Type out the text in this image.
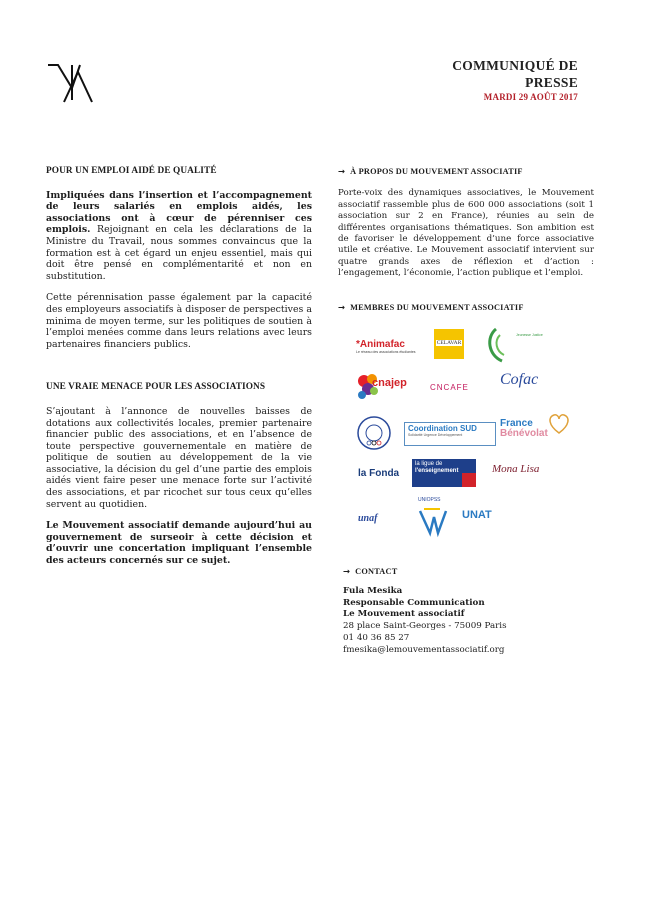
COMMUNIQUÉ DE
PRESSE
MARDI 29 AOÛT 2017
POUR UN EMPLOI AIDÉ DE QUALITÉ

Impliquées dans l’insertion et l’accompagnement de leurs salariés en emplois aidés, les associations ont à cœur de pérenniser ces emplois. Rejoignant en cela les déclarations de la Ministre du Travail, nous sommes convaincus que la formation est à cet égard un enjeu essentiel, mais qui doit être pensé en complémentarité et non en substitution.

Cette pérennisation passe également par la capacité des employeurs associatifs à disposer de perspectives a minima de moyen terme, sur les politiques de soutien à l’emploi menées comme dans leurs relations avec leurs partenaires financiers publics.

UNE VRAIE MENACE POUR LES ASSOCIATIONS

S’ajoutant à l’annonce de nouvelles baisses de dotations aux collectivités locales, premier partenaire financier public des associations, et en l’absence de toute perspective gouvernementale en matière de politique de soutien au développement de la vie associative, la décision du gel d’une partie des emplois aidés vient faire peser une menace forte sur l’activité des associations, et par ricochet sur tous ceux qu’elles servent au quotidien.

Le Mouvement associatif demande aujourd’hui au gouvernement de surseoir à cette décision et d’ouvrir une concertation impliquant l’ensemble des acteurs concernés sur ce sujet.

→ À PROPOS DU MOUVEMENT ASSOCIATIF

Porte-voix des dynamiques associatives, le Mouvement associatif rassemble plus de 600 000 associations (soit 1 association sur 2 en France), réunies au sein de différentes organisations thématiques. Son ambition est de favoriser le développement d’une force associative utile et créative. Le Mouvement associatif intervient sur quatre grands axes de réflexion et d’action : l’engagement, l’économie, l’action publique et l’emploi.

→ MEMBRES DU MOUVEMENT ASSOCIATIF
*Animafac
Le réseau des associations étudiantes
CELAVAR
Jeunesse Justice
cnajep	CNCAFE Cofac
Coordination SUD
Solidarité Urgence Développement
France
Bénévolat
la Fonda
la ligue de
l'enseignement	Mona Lisa
unaf
UNIOPSS
UNAT
→ CONTACT
Fula Mesika
Responsable Communication
Le Mouvement associatif
28 place Saint-Georges - 75009 Paris
01 40 36 85 27
fmesika@lemouvementassociatif.org
